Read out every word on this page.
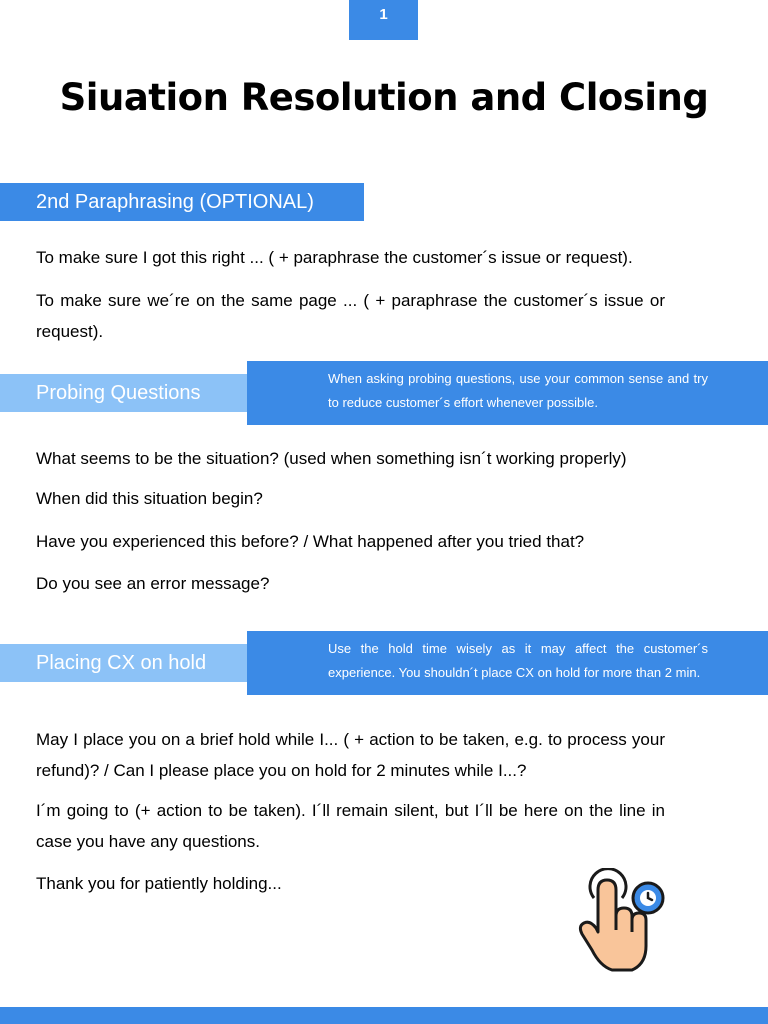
1
Siuation Resolution and Closing
2nd Paraphrasing (OPTIONAL)

To make sure I got this right ... ( + paraphrase the customer´s issue or request).

To make sure we´re on the same page ... ( + paraphrase the customer´s issue or request).

Probing Questions
When asking probing questions, use your common sense and try to reduce customer´s effort whenever possible.

What seems to be the situation? (used when something isn´t working properly)

When did this situation begin?

Have you experienced this before? / What happened after you tried that?

Do you see an error message?

Placing CX on hold
Use the hold time wisely as it may affect the customer´s experience. You shouldn´t place CX on hold for more than 2 min.

May I place you on a brief hold while I... ( + action to be taken, e.g. to process your refund)? / Can I please place you on hold for 2 minutes while I...?

I´m going to (+ action to be taken). I´ll remain silent, but I´ll be here on the line in case you have any questions.

Thank you for patiently holding...
